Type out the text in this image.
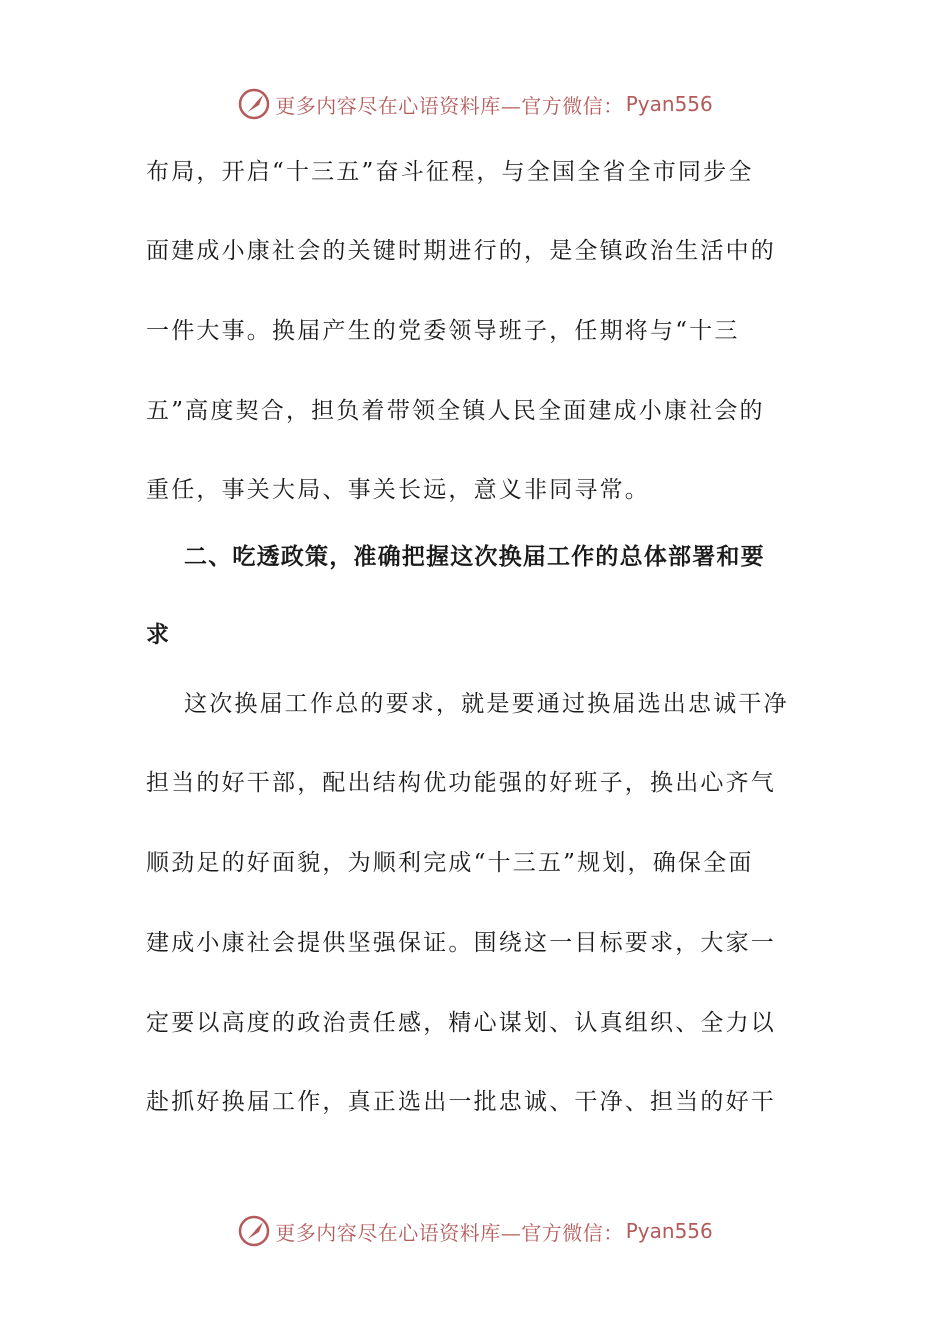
更多内容尽在心语资料库—官方微信： Pyan556
布局，开启“十三五”奋斗征程，与全国全省全市同步全
面建成小康社会的关键时期进行的，是全镇政治生活中的
一件大事。换届产生的党委领导班子，任期将与“十三
五”高度契合，担负着带领全镇人民全面建成小康社会的
重任，事关大局、事关长远，意义非同寻常。
二、吃透政策，准确把握这次换届工作的总体部署和要
求
这次换届工作总的要求，就是要通过换届选出忠诚干净
担当的好干部，配出结构优功能强的好班子，换出心齐气
顺劲足的好面貌，为顺利完成“十三五”规划，确保全面
建成小康社会提供坚强保证。围绕这一目标要求，大家一
定要以高度的政治责任感，精心谋划、认真组织、全力以
赴抓好换届工作，真正选出一批忠诚、干净、担当的好干
更多内容尽在心语资料库—官方微信： Pyan556
